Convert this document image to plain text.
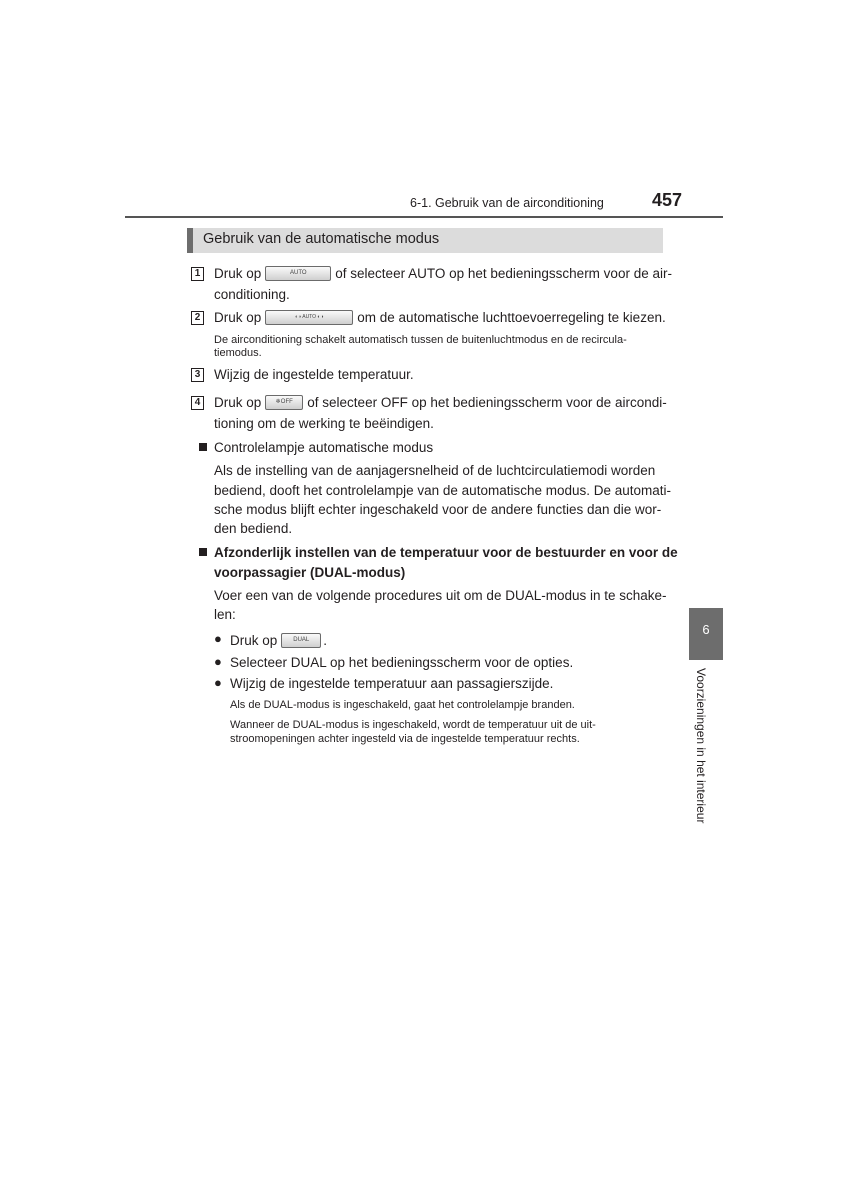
6-1. Gebruik van de airconditioning	457
Gebruik van de automatische modus
1 Druk op	AUTO of selecteer AUTO op het bedieningsscherm voor de air-
conditioning.
2 Druk op	◐◑ AUTO ◐◑	om de automatische luchttoevoerregeling te kiezen.
De airconditioning schakelt automatisch tussen de buitenluchtmodus en de recircula-
tiemodus.
3 Wijzig de ingestelde temperatuur.
4 Druk op ❄OFF of selecteer OFF op het bedieningsscherm voor de aircondi-
tioning om de werking te beëindigen.
Controlelampje automatische modus
Als de instelling van de aanjagersnelheid of de luchtcirculatiemodi worden
bediend, dooft het controlelampje van de automatische modus. De automati-
sche modus blijft echter ingeschakeld voor de andere functies dan die wor-
den bediend.
Afzonderlijk instellen van de temperatuur voor de bestuurder en voor de
voorpassagier (DUAL-modus)
Voer een van de volgende procedures uit om de DUAL-modus in te schake-
len:
● Druk op	DUAL .
● Selecteer DUAL op het bedieningsscherm voor de opties.
● Wijzig de ingestelde temperatuur aan passagierszijde.
Als de DUAL-modus is ingeschakeld, gaat het controlelampje branden.
Wanneer de DUAL-modus is ingeschakeld, wordt de temperatuur uit de uit-
stroomopeningen achter ingesteld via de ingestelde temperatuur rechts.
6
Voorzieningen in het interieur
